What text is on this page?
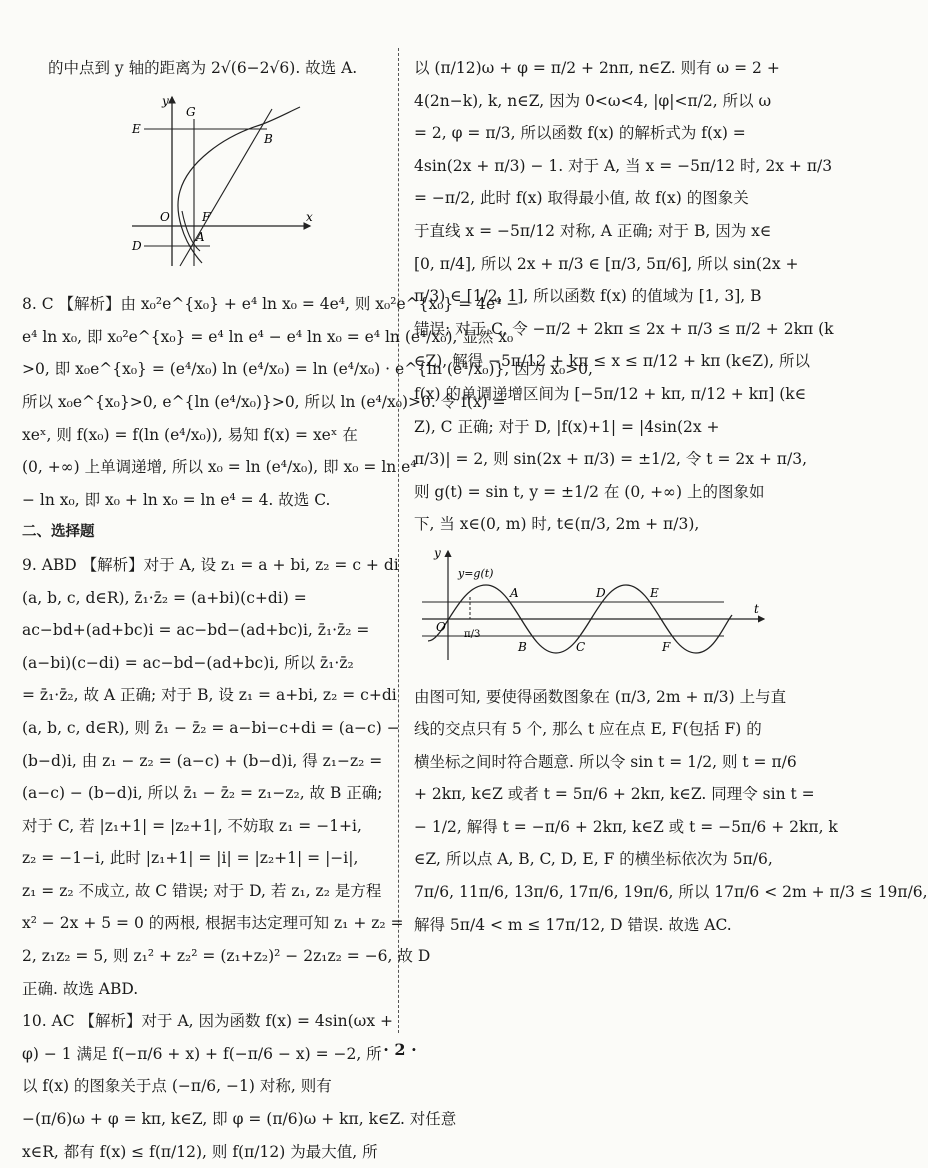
的中点到 y 轴的距离为 2√(6−2√6). 故选 A.
y
G
E
B
O	F	x
D
A
8. C 【解析】由 x₀²e^{x₀} + e⁴ ln x₀ = 4e⁴, 则 x₀²e^{x₀} = 4e⁴ −
e⁴ ln x₀, 即 x₀²e^{x₀} = e⁴ ln e⁴ − e⁴ ln x₀ = e⁴ ln (e⁴/x₀), 显然 x₀
>0, 即 x₀e^{x₀} = (e⁴/x₀) ln (e⁴/x₀) = ln (e⁴/x₀) · e^{ln (e⁴/x₀)}, 因为 x₀>0,
所以 x₀e^{x₀}>0, e^{ln (e⁴/x₀)}>0, 所以 ln (e⁴/x₀)>0. 令 f(x) =
xeˣ, 则 f(x₀) = f(ln (e⁴/x₀)), 易知 f(x) = xeˣ 在
(0, +∞) 上单调递增, 所以 x₀ = ln (e⁴/x₀), 即 x₀ = ln e⁴
− ln x₀, 即 x₀ + ln x₀ = ln e⁴ = 4. 故选 C.
二、选择题
9. ABD 【解析】对于 A, 设 z₁ = a + bi, z₂ = c + di
(a, b, c, d∈R), z̄₁·z̄₂ = (a+bi)(c+di) =
ac−bd+(ad+bc)i = ac−bd−(ad+bc)i, z̄₁·z̄₂ =
(a−bi)(c−di) = ac−bd−(ad+bc)i, 所以 z̄₁·z̄₂
= z̄₁·z̄₂, 故 A 正确; 对于 B, 设 z₁ = a+bi, z₂ = c+di
(a, b, c, d∈R), 则 z̄₁ − z̄₂ = a−bi−c+di = (a−c) −
(b−d)i, 由 z₁ − z₂ = (a−c) + (b−d)i, 得 z₁−z₂ =
(a−c) − (b−d)i, 所以 z̄₁ − z̄₂ = z₁−z₂, 故 B 正确;
对于 C, 若 |z₁+1| = |z₂+1|, 不妨取 z₁ = −1+i,
z₂ = −1−i, 此时 |z₁+1| = |i| = |z₂+1| = |−i|,
z₁ = z₂ 不成立, 故 C 错误; 对于 D, 若 z₁, z₂ 是方程
x² − 2x + 5 = 0 的两根, 根据韦达定理可知 z₁ + z₂ =
2, z₁z₂ = 5, 则 z₁² + z₂² = (z₁+z₂)² − 2z₁z₂ = −6, 故 D
正确. 故选 ABD.
10. AC 【解析】对于 A, 因为函数 f(x) = 4sin(ωx +
φ) − 1 满足 f(−π/6 + x) + f(−π/6 − x) = −2, 所
以 f(x) 的图象关于点 (−π/6, −1) 对称, 则有
−(π/6)ω + φ = kπ, k∈Z, 即 φ = (π/6)ω + kπ, k∈Z. 对任意
x∈R, 都有 f(x) ≤ f(π/12), 则 f(π/12) 为最大值, 所
以 (π/12)ω + φ = π/2 + 2nπ, n∈Z. 则有 ω = 2 +
4(2n−k), k, n∈Z, 因为 0<ω<4, |φ|<π/2, 所以 ω
= 2, φ = π/3, 所以函数 f(x) 的解析式为 f(x) =
4sin(2x + π/3) − 1. 对于 A, 当 x = −5π/12 时, 2x + π/3
= −π/2, 此时 f(x) 取得最小值, 故 f(x) 的图象关
于直线 x = −5π/12 对称, A 正确; 对于 B, 因为 x∈
[0, π/4], 所以 2x + π/3 ∈ [π/3, 5π/6], 所以 sin(2x +
π/3) ∈ [1/2, 1], 所以函数 f(x) 的值域为 [1, 3], B
错误; 对于 C, 令 −π/2 + 2kπ ≤ 2x + π/3 ≤ π/2 + 2kπ (k
∈Z), 解得 −5π/12 + kπ ≤ x ≤ π/12 + kπ (k∈Z), 所以
f(x) 的单调递增区间为 [−5π/12 + kπ, π/12 + kπ] (k∈
Z), C 正确; 对于 D, |f(x)+1| = |4sin(2x +
π/3)| = 2, 则 sin(2x + π/3) = ±1/2, 令 t = 2x + π/3,
则 g(t) = sin t, y = ±1/2 在 (0, +∞) 上的图象如
下, 当 x∈(0, m) 时, t∈(π/3, 2m + π/3),
y
y=g(t)
A	D	E
O
π/3
B	C	F
t
由图可知, 要使得函数图象在 (π/3, 2m + π/3) 上与直
线的交点只有 5 个, 那么 t 应在点 E, F(包括 F) 的
横坐标之间时符合题意. 所以令 sin t = 1/2, 则 t = π/6
+ 2kπ, k∈Z 或者 t = 5π/6 + 2kπ, k∈Z. 同理令 sin t =
− 1/2, 解得 t = −π/6 + 2kπ, k∈Z 或 t = −5π/6 + 2kπ, k
∈Z, 所以点 A, B, C, D, E, F 的横坐标依次为 5π/6,
7π/6, 11π/6, 13π/6, 17π/6, 19π/6, 所以 17π/6 < 2m + π/3 ≤ 19π/6,
解得 5π/4 < m ≤ 17π/12, D 错误. 故选 AC.
· 2 ·
